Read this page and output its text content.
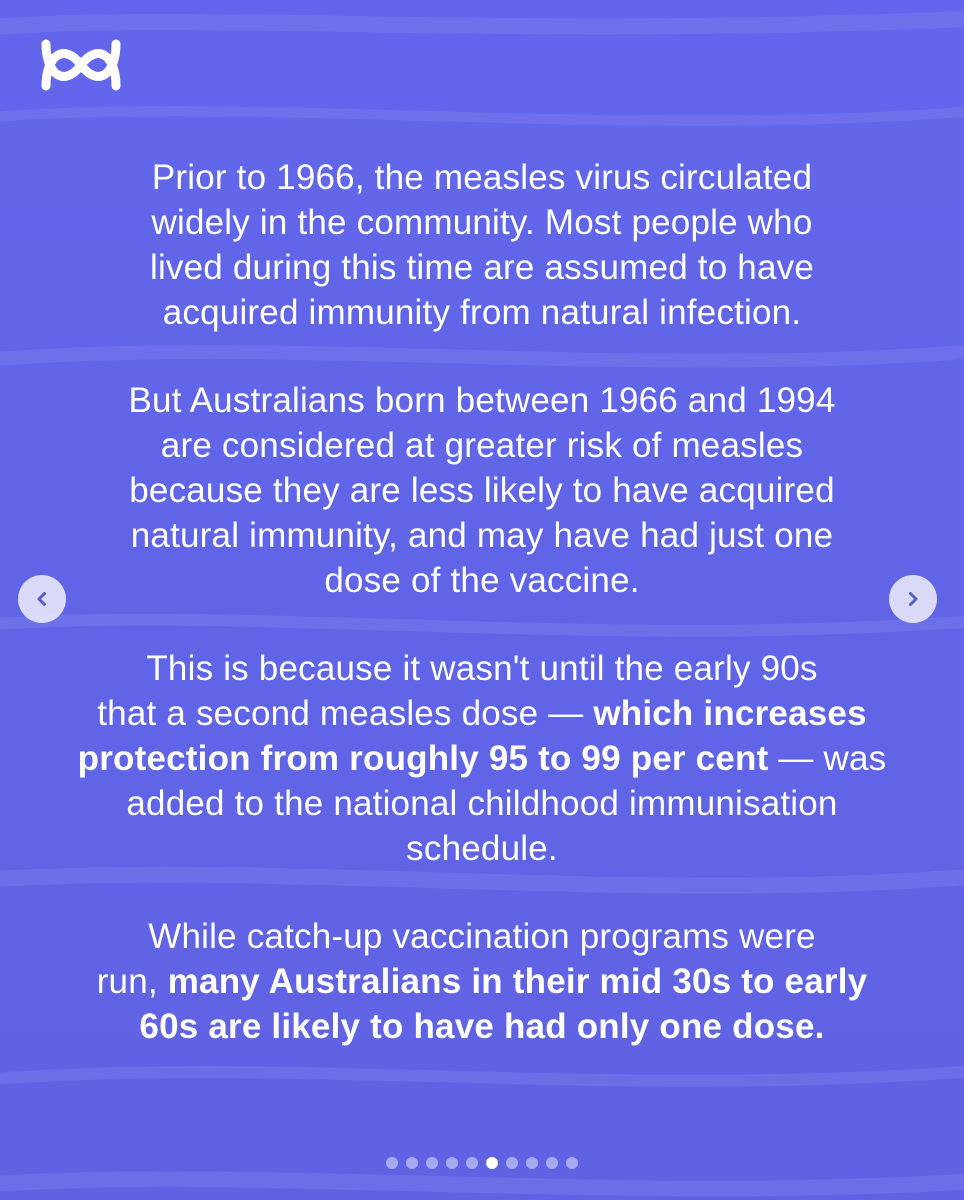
Prior to 1966, the measles virus circulated
widely in the community. Most people who
lived during this time are assumed to have
acquired immunity from natural infection.
But Australians born between 1966 and 1994
are considered at greater risk of measles
because they are less likely to have acquired
natural immunity, and may have had just one
dose of the vaccine.
This is because it wasn't until the early 90s
that a second measles dose — which increases
protection from roughly 95 to 99 per cent — was
added to the national childhood immunisation
schedule.
While catch-up vaccination programs were
run, many Australians in their mid 30s to early
60s are likely to have had only one dose.
